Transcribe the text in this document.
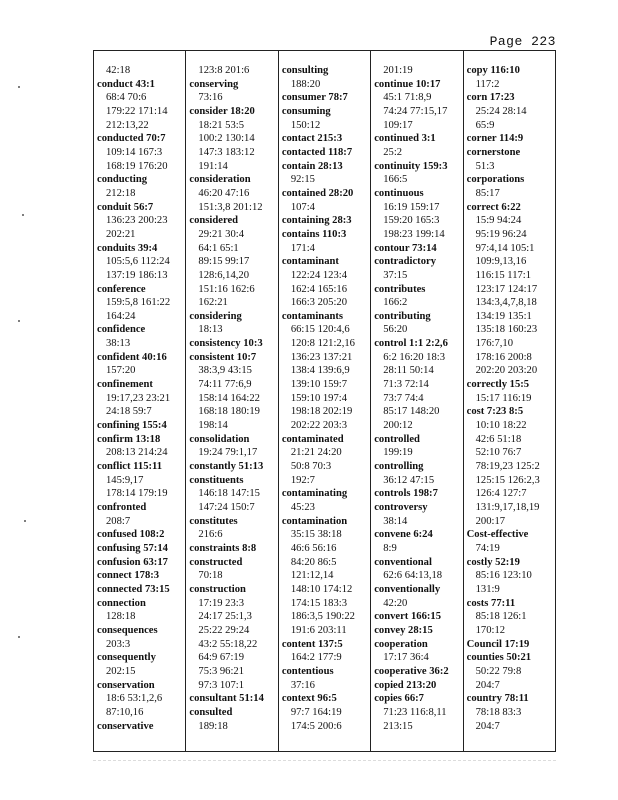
Page 223
42:18
conduct 43:1
68:4 70:6
179:22 171:14
212:13,22
conducted 70:7
109:14 167:3
168:19 176:20
conducting
212:18
conduit 56:7
136:23 200:23
202:21
conduits 39:4
105:5,6 112:24
137:19 186:13
conference
159:5,8 161:22
164:24
confidence
38:13
confident 40:16
157:20
confinement
19:17,23 23:21
24:18 59:7
confining 155:4
confirm 13:18
208:13 214:24
conflict 115:11
145:9,17
178:14 179:19
confronted
208:7
confused 108:2
confusing 57:14
confusion 63:17
connect 178:3
connected 73:15
connection
128:18
consequences
203:3
consequently
202:15
conservation
18:6 53:1,2,6
87:10,16
conservative
123:8 201:6
conserving
73:16
consider 18:20
18:21 53:5
100:2 130:14
147:3 183:12
191:14
consideration
46:20 47:16
151:3,8 201:12
considered
29:21 30:4
64:1 65:1
89:15 99:17
128:6,14,20
151:16 162:6
162:21
considering
18:13
consistency 10:3
consistent 10:7
38:3,9 43:15
74:11 77:6,9
158:14 164:22
168:18 180:19
198:14
consolidation
19:24 79:1,17
constantly 51:13
constituents
146:18 147:15
147:24 150:7
constitutes
216:6
constraints 8:8
constructed
70:18
construction
17:19 23:3
24:17 25:1,3
25:22 29:24
43:2 55:18,22
64:9 67:19
75:3 96:21
97:3 107:1
consultant 51:14
consulted
189:18
consulting
188:20
consumer 78:7
consuming
150:12
contact 215:3
contacted 118:7
contain 28:13
92:15
contained 28:20
107:4
containing 28:3
contains 110:3
171:4
contaminant
122:24 123:4
162:4 165:16
166:3 205:20
contaminants
66:15 120:4,6
120:8 121:2,16
136:23 137:21
138:4 139:6,9
139:10 159:7
159:10 197:4
198:18 202:19
202:22 203:3
contaminated
21:21 24:20
50:8 70:3
192:7
contaminating
45:23
contamination
35:15 38:18
46:6 56:16
84:20 86:5
121:12,14
148:10 174:12
174:15 183:3
186:3,5 190:22
191:6 203:11
content 137:5
164:2 177:9
contentious
37:16
context 96:5
97:7 164:19
174:5 200:6
201:19
continue 10:17
45:1 71:8,9
74:24 77:15,17
109:17
continued 3:1
25:2
continuity 159:3
166:5
continuous
16:19 159:17
159:20 165:3
198:23 199:14
contour 73:14
contradictory
37:15
contributes
166:2
contributing
56:20
control 1:1 2:2,6
6:2 16:20 18:3
28:11 50:14
71:3 72:14
73:7 74:4
85:17 148:20
200:12
controlled
199:19
controlling
36:12 47:15
controls 198:7
controversy
38:14
convene 6:24
8:9
conventional
62:6 64:13,18
conventionally
42:20
convert 166:15
convey 28:15
cooperation
17:17 36:4
cooperative 36:2
copied 213:20
copies 66:7
71:23 116:8,11
213:15
copy 116:10
117:2
corn 17:23
25:24 28:14
65:9
corner 114:9
cornerstone
51:3
corporations
85:17
correct 6:22
15:9 94:24
95:19 96:24
97:4,14 105:1
109:9,13,16
116:15 117:1
123:17 124:17
134:3,4,7,8,18
134:19 135:1
135:18 160:23
176:7,10
178:16 200:8
202:20 203:20
correctly 15:5
15:17 116:19
cost 7:23 8:5
10:10 18:22
42:6 51:18
52:10 76:7
78:19,23 125:2
125:15 126:2,3
126:4 127:7
131:9,17,18,19
200:17
Cost-effective
74:19
costly 52:19
85:16 123:10
131:9
costs 77:11
85:18 126:1
170:12
Council 17:19
counties 50:21
50:22 79:8
204:7
country 78:11
78:18 83:3
204:7
